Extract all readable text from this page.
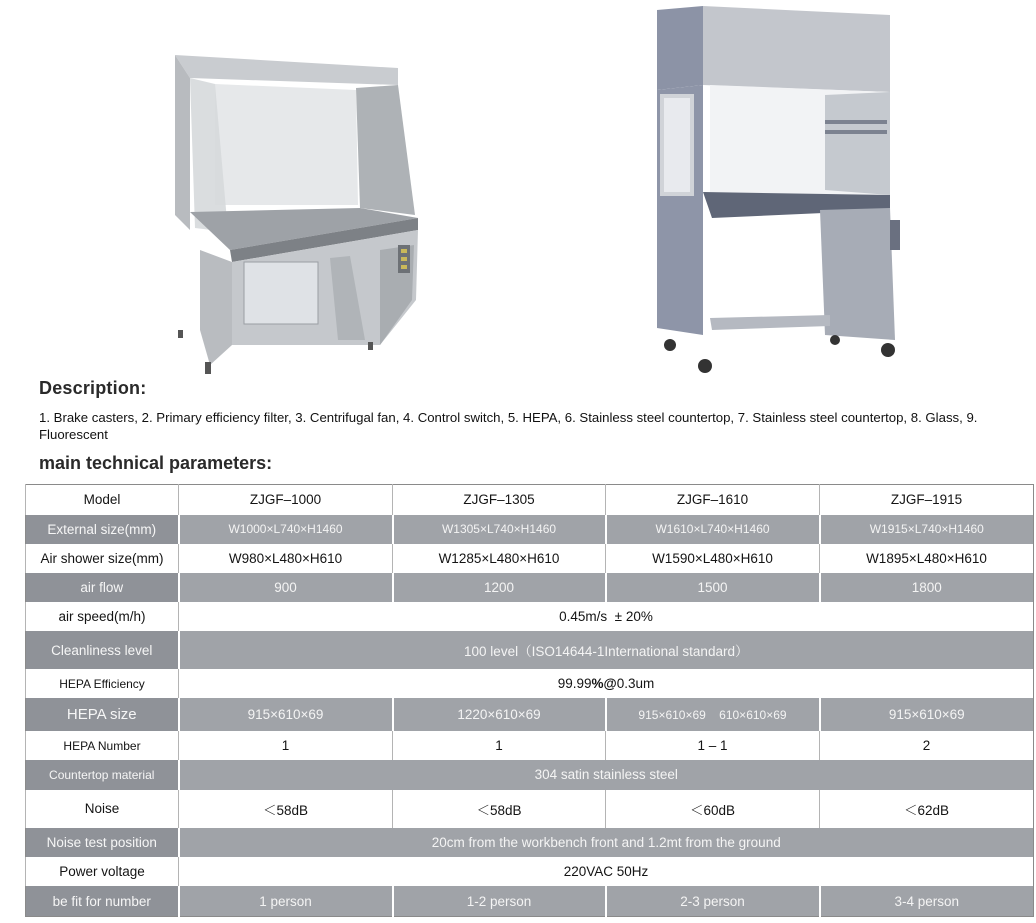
Description:
1. Brake casters, 2. Primary efficiency filter, 3. Centrifugal fan, 4. Control switch, 5. HEPA, 6. Stainless steel countertop, 7. Stainless steel countertop, 8. Glass, 9. Fluorescent
main technical parameters:
Model	ZJGF–1000	ZJGF–1305	ZJGF–1610	ZJGF–1915
External size(mm)	W1000×L740×H1460	W1305×L740×H1460	W1610×L740×H1460	W1915×L740×H1460
Air shower size(mm)	W980×L480×H610	W1285×L480×H610	W1590×L480×H610	W1895×L480×H610
air flow	900	1200	1500	1800
air speed(m/h)	0.45m/s  ± 20%			
Cleanliness level	100 level（ISO14644-1International standard）			
HEPA Efficiency	99.99%@0.3um			
HEPA size	915×610×69	1220×610×69	915×610×69    610×610×69	915×610×69
HEPA Number	1	1	1 – 1	2
Countertop material	304 satin stainless steel			
Noise	＜58dB	＜58dB	＜60dB	＜62dB
Noise test position	20cm from the workbench front and 1.2mt from the ground			
Power voltage	220VAC 50Hz			
be fit for number	1 person	1-2 person	2-3 person	3-4 person
